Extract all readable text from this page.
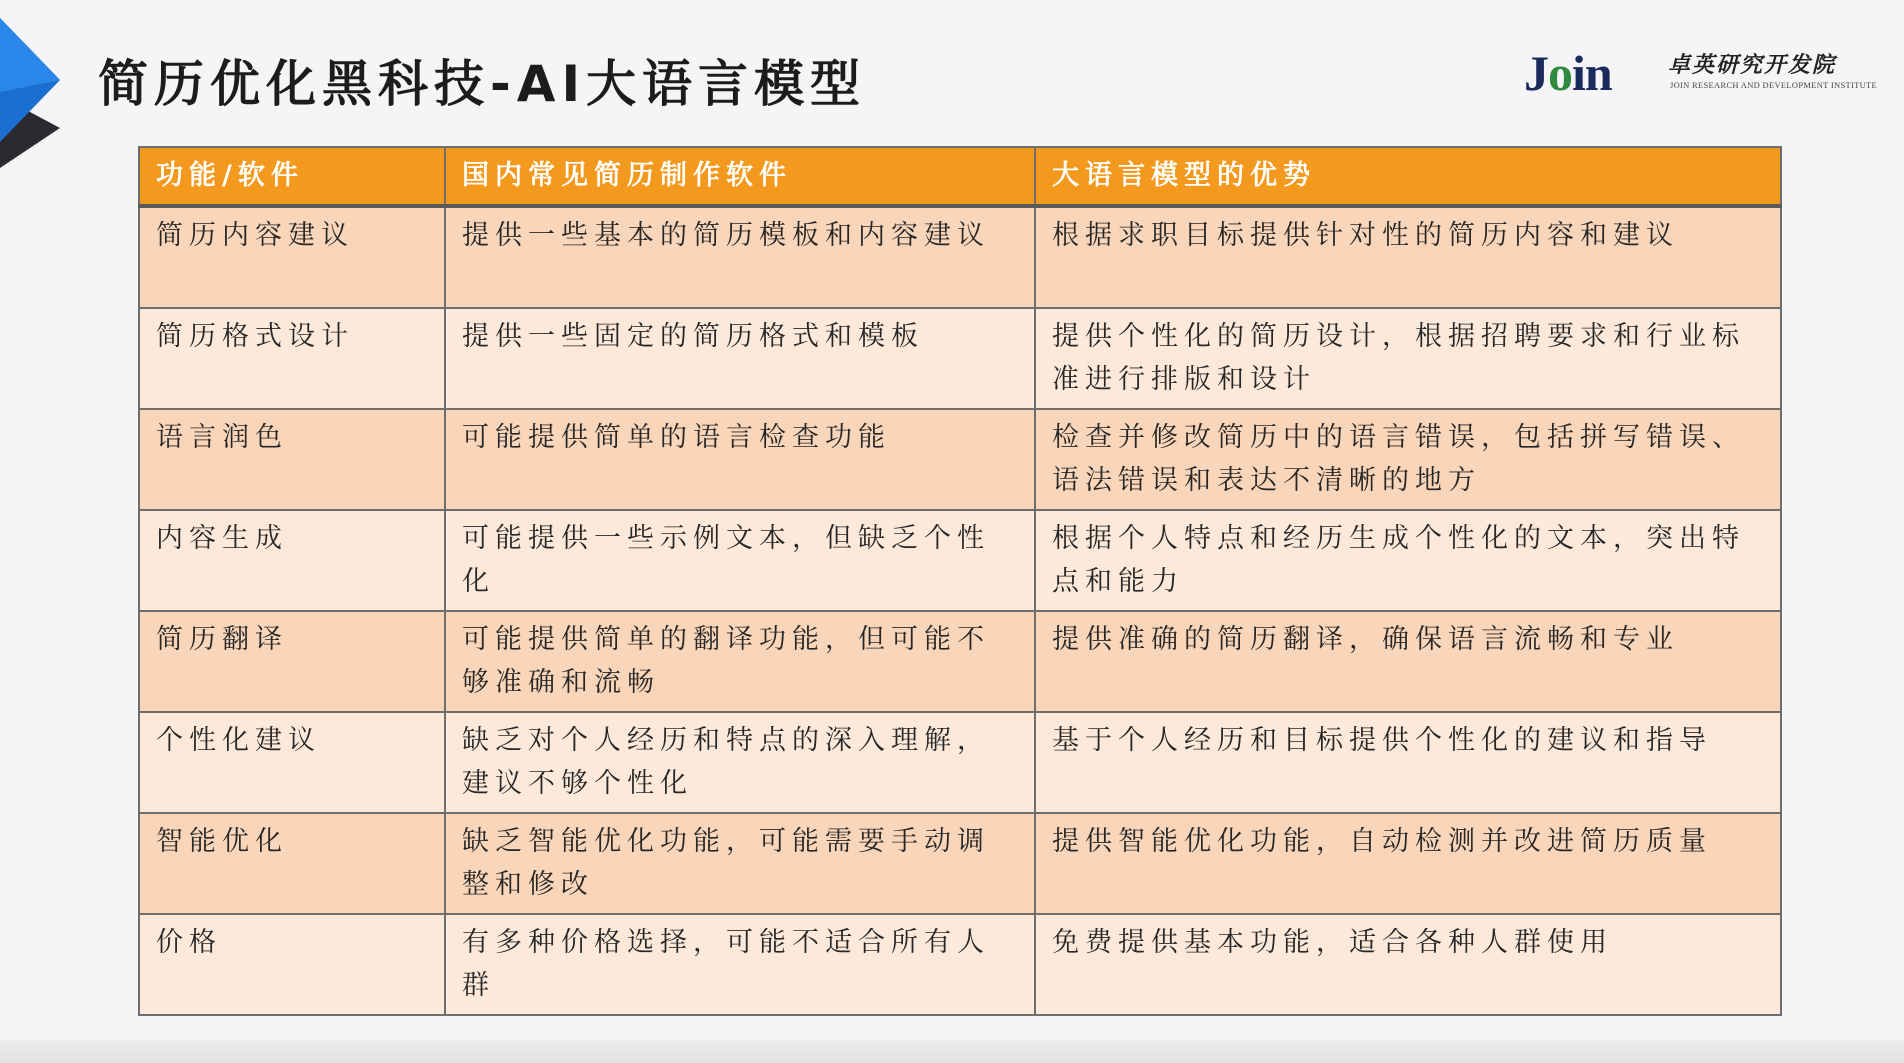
简历优化黑科技-AI大语言模型	Join	卓英研究开发院
JOIN RESEARCH AND DEVELOPMENT INSTITUTE
功能/软件	国内常见简历制作软件	大语言模型的优势
简历内容建议	提供一些基本的简历模板和内容建议	根据求职目标提供针对性的简历内容和建议
简历格式设计	提供一些固定的简历格式和模板	提供个性化的简历设计，根据招聘要求和行业标准进行排版和设计
语言润色	可能提供简单的语言检查功能	检查并修改简历中的语言错误，包括拼写错误、语法错误和表达不清晰的地方
内容生成	可能提供一些示例文本，但缺乏个性化	根据个人特点和经历生成个性化的文本，突出特点和能力
简历翻译	可能提供简单的翻译功能，但可能不够准确和流畅	提供准确的简历翻译，确保语言流畅和专业
个性化建议	缺乏对个人经历和特点的深入理解，建议不够个性化	基于个人经历和目标提供个性化的建议和指导
智能优化	缺乏智能优化功能，可能需要手动调整和修改	提供智能优化功能，自动检测并改进简历质量
价格	有多种价格选择，可能不适合所有人群	免费提供基本功能，适合各种人群使用
